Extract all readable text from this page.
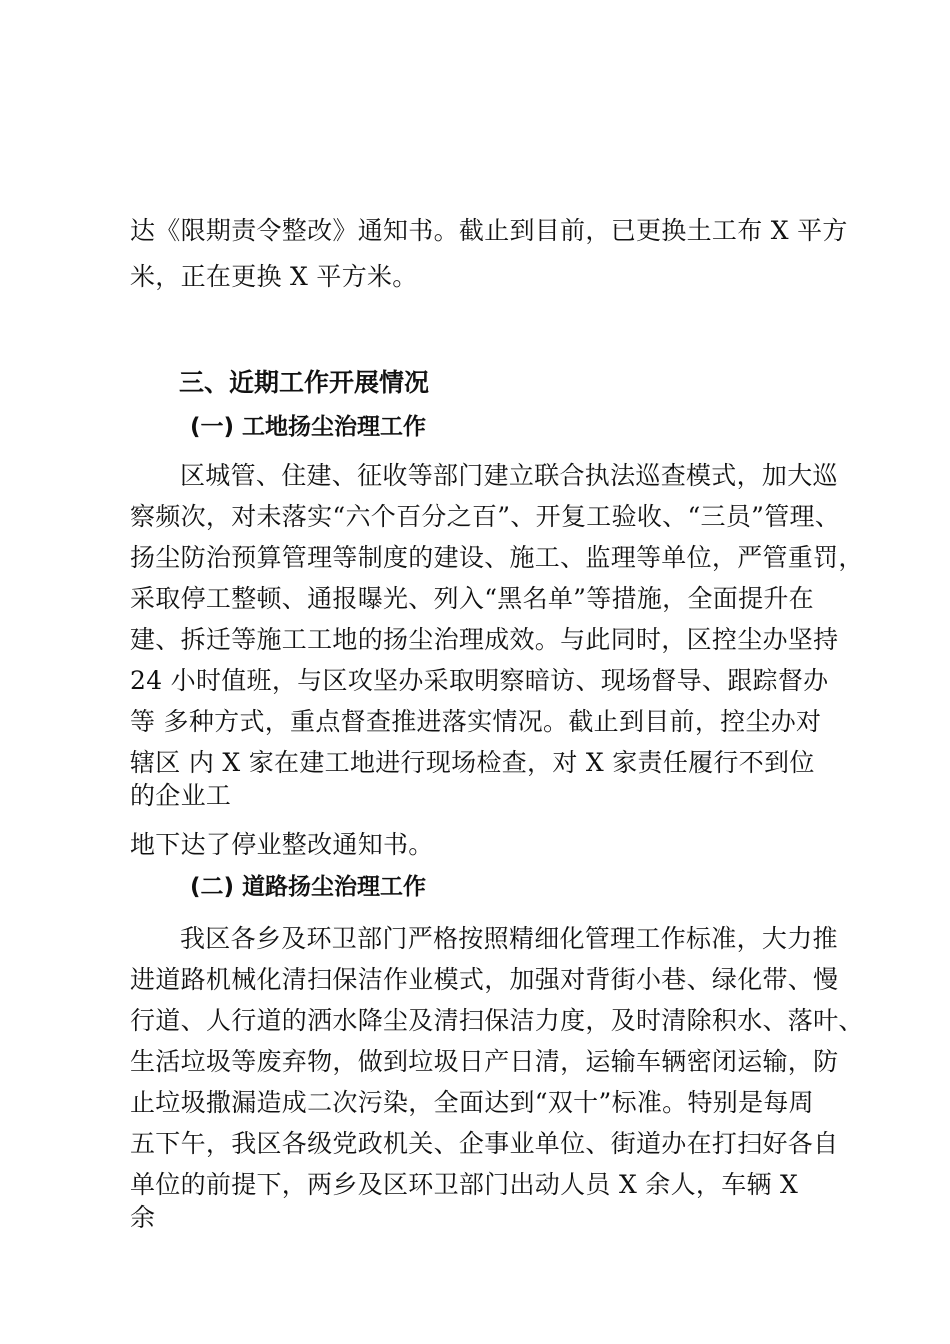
达《限期责令整改》通知书。截止到目前，已更换土工布 X 平方
米，正在更换 X 平方米。
三、近期工作开展情况
(一) 工地扬尘治理工作
区城管、住建、征收等部门建立联合执法巡查模式，加大巡
察频次，对未落实“六个百分之百”、开复工验收、“三员”管理、
扬尘防治预算管理等制度的建设、施工、监理等单位，严管重罚，
采取停工整顿、通报曝光、列入“黑名单”等措施，全面提升在
建、拆迁等施工工地的扬尘治理成效。与此同时，区控尘办坚持
24 小时值班，与区攻坚办采取明察暗访、现场督导、跟踪督办
等 多种方式，重点督查推进落实情况。截止到目前，控尘办对
辖区 内 X 家在建工地进行现场检查，对 X 家责任履行不到位
的企业工
地下达了停业整改通知书。
(二) 道路扬尘治理工作
我区各乡及环卫部门严格按照精细化管理工作标准，大力推
进道路机械化清扫保洁作业模式，加强对背街小巷、绿化带、慢
行道、人行道的洒水降尘及清扫保洁力度，及时清除积水、落叶、
生活垃圾等废弃物，做到垃圾日产日清，运输车辆密闭运输，防
止垃圾撒漏造成二次污染，全面达到“双十”标准。特别是每周
五下午，我区各级党政机关、企事业单位、街道办在打扫好各自
单位的前提下，两乡及区环卫部门出动人员 X 余人，车辆 X
余
